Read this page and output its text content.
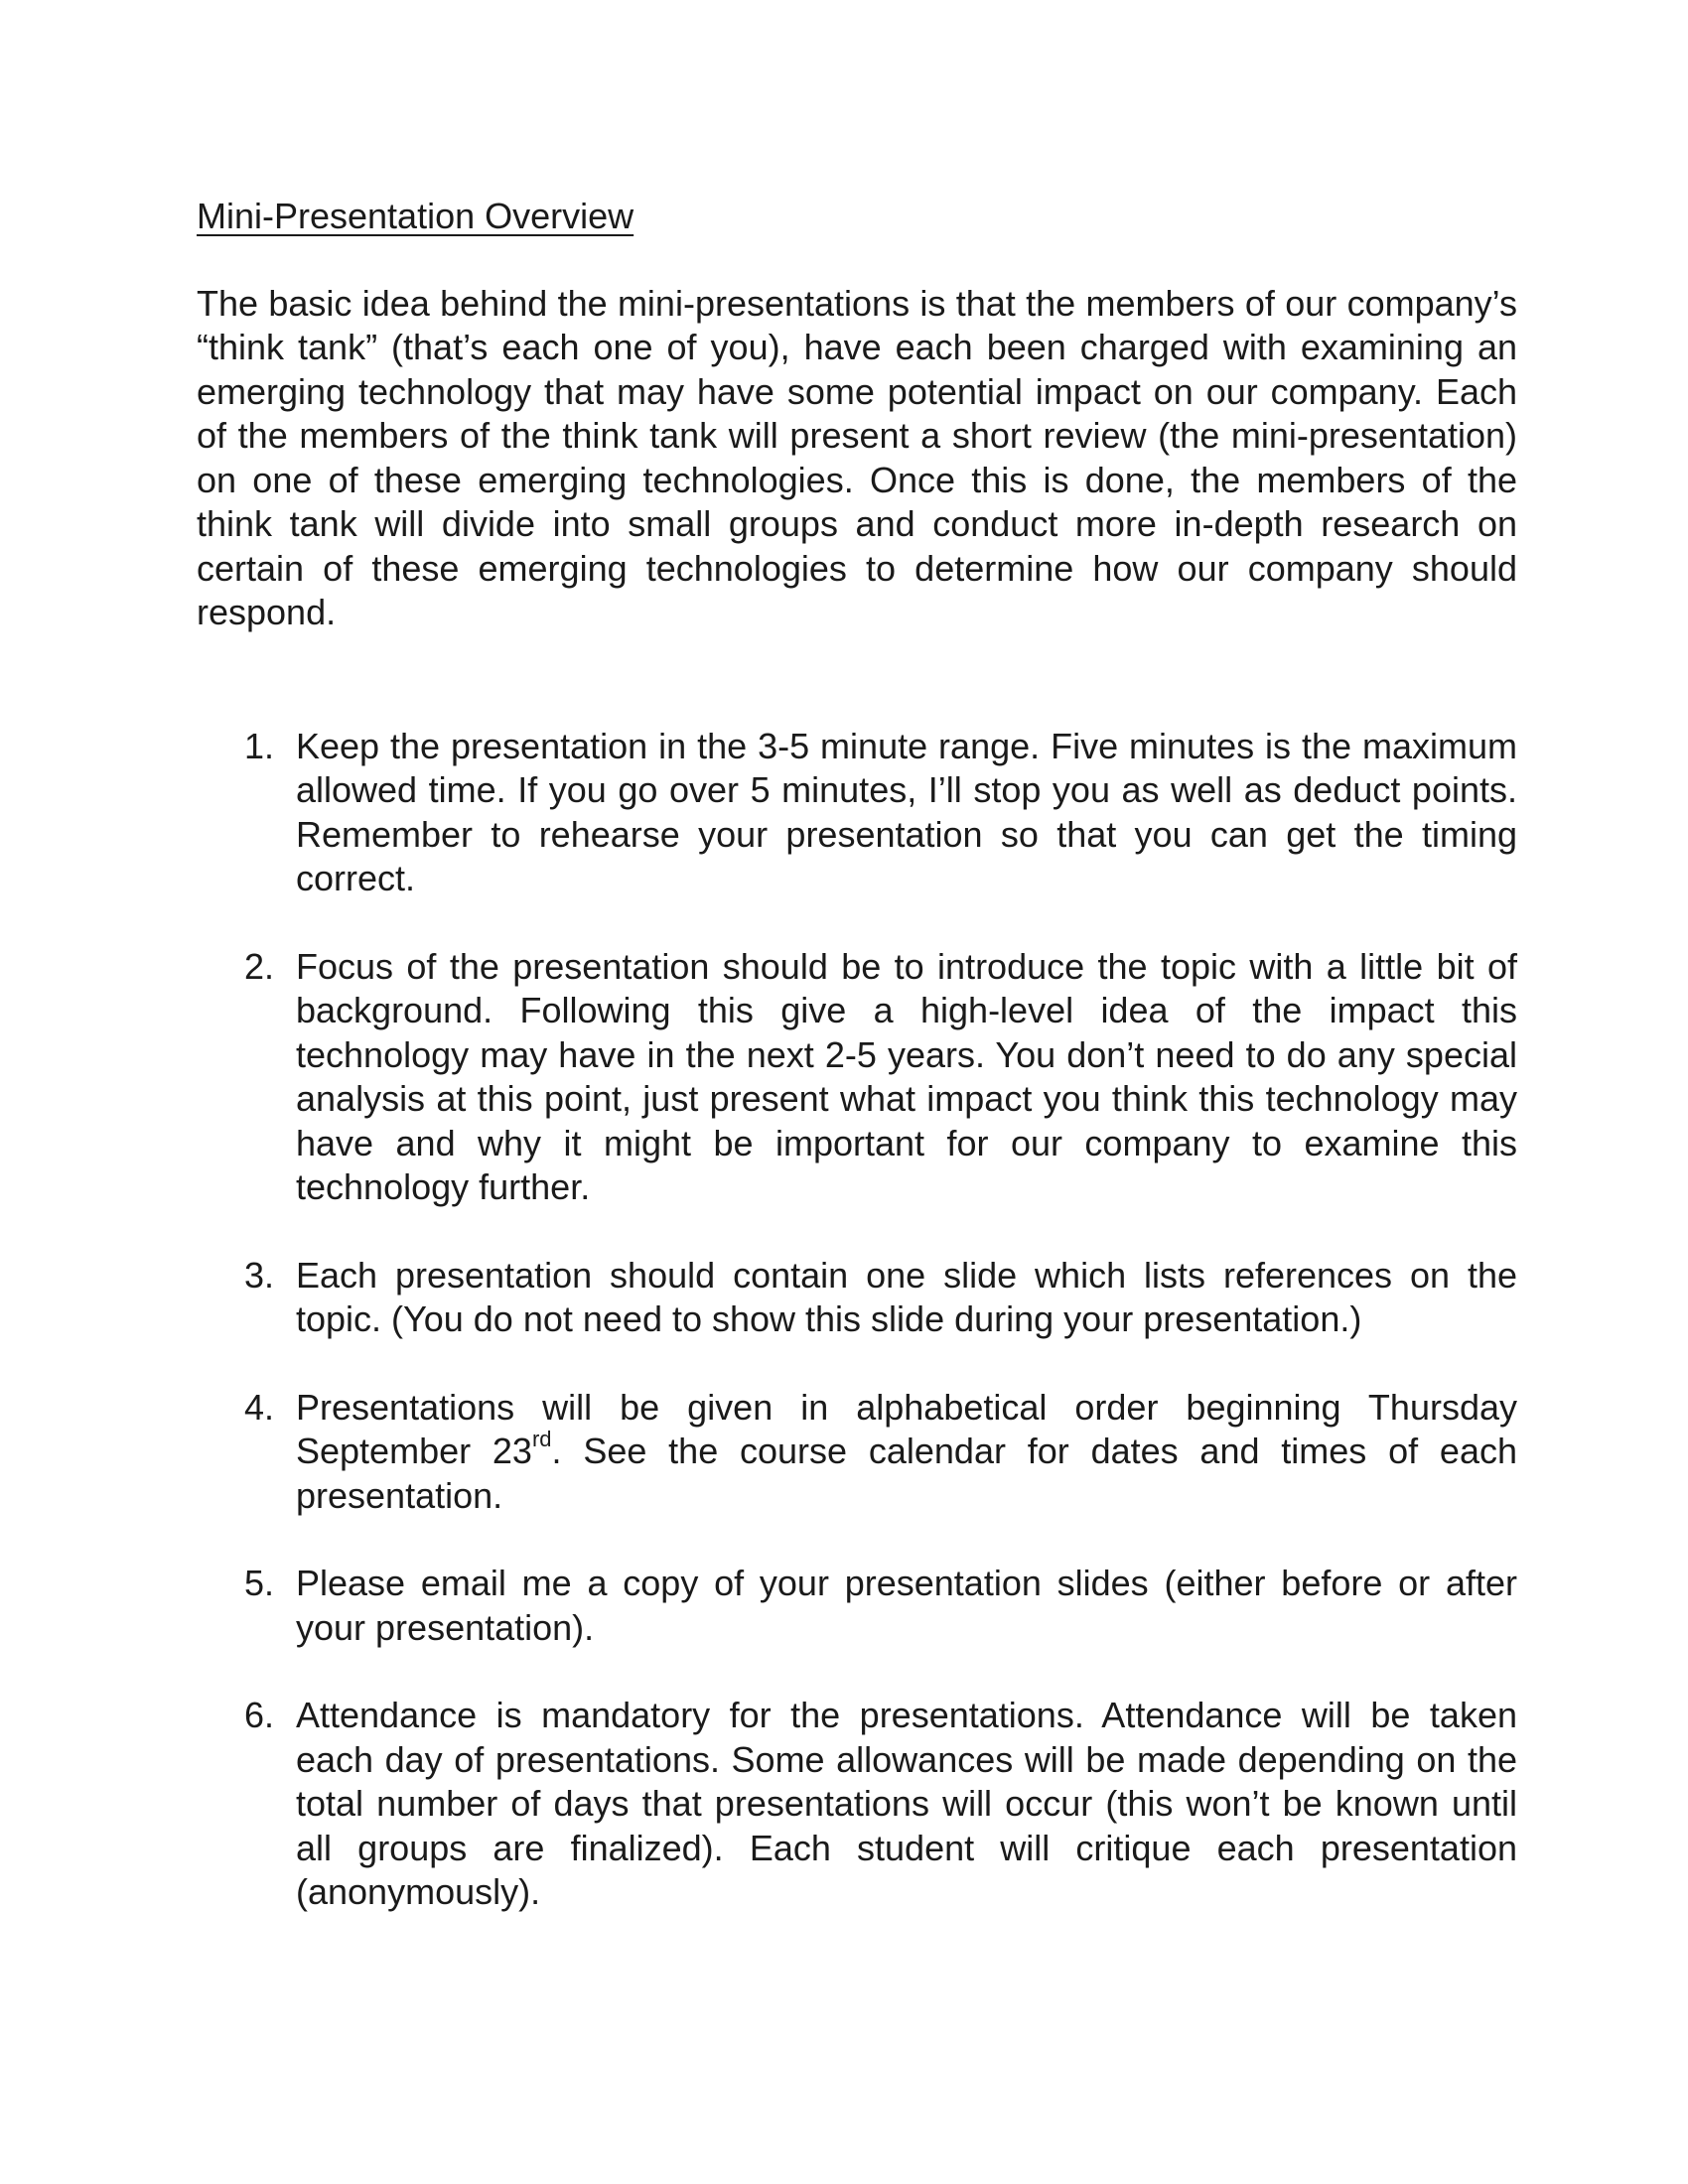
Mini-Presentation Overview

The basic idea behind the mini-presentations is that the members of our company’s “think tank” (that’s each one of you), have each been charged with examining an emerging technology that may have some potential impact on our company. Each of the members of the think tank will present a short review (the mini-presentation) on one of these emerging technologies. Once this is done, the members of the think tank will divide into small groups and conduct more in-depth research on certain of these emerging technologies to determine how our company should respond.

1. Keep the presentation in the 3-5 minute range. Five minutes is the maximum allowed time. If you go over 5 minutes, I’ll stop you as well as deduct points. Remember to rehearse your presentation so that you can get the timing correct.
2. Focus of the presentation should be to introduce the topic with a little bit of background. Following this give a high-level idea of the impact this technology may have in the next 2-5 years. You don’t need to do any special analysis at this point, just present what impact you think this technology may have and why it might be important for our company to examine this technology further.
3. Each presentation should contain one slide which lists references on the topic. (You do not need to show this slide during your presentation.)
4. Presentations will be given in alphabetical order beginning Thursday September 23rd. See the course calendar for dates and times of each presentation.
5. Please email me a copy of your presentation slides (either before or after your presentation).
6. Attendance is mandatory for the presentations. Attendance will be taken each day of presentations. Some allowances will be made depending on the total number of days that presentations will occur (this won’t be known until all groups are finalized). Each student will critique each presentation (anonymously).
